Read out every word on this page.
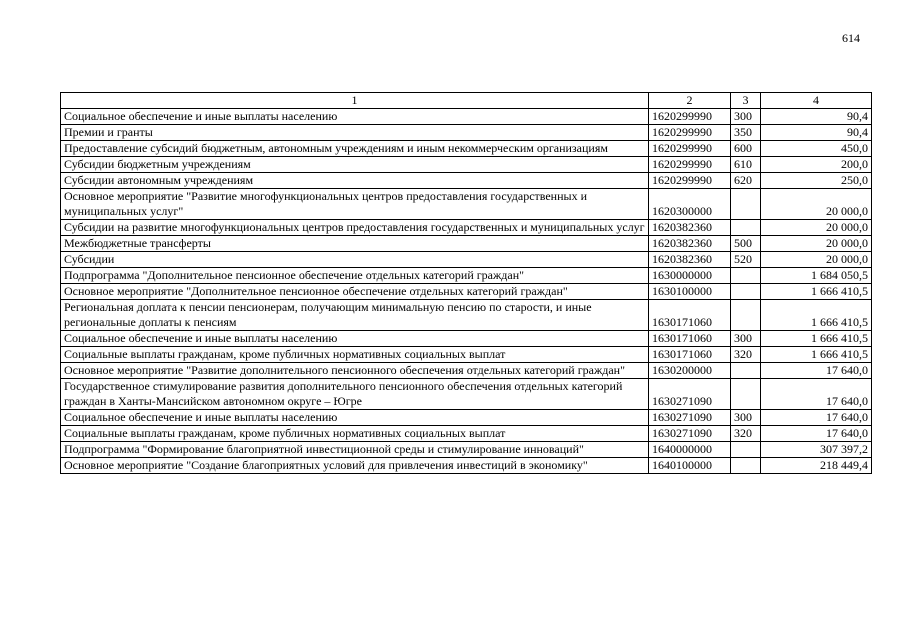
614
1	2	3	4
Социальное обеспечение и иные выплаты населению	1620299990	300	90,4
Премии и гранты	1620299990	350	90,4
Предоставление субсидий бюджетным, автономным учреждениям и иным некоммерческим организациям	1620299990	600	450,0
Субсидии бюджетным учреждениям	1620299990	610	200,0
Субсидии автономным учреждениям	1620299990	620	250,0
Основное мероприятие "Развитие многофункциональных центров предоставления государственных и муниципальных услуг"	1620300000		20 000,0
Субсидии на развитие многофункциональных центров предоставления государственных и муниципальных услуг	1620382360		20 000,0
Межбюджетные трансферты	1620382360	500	20 000,0
Субсидии	1620382360	520	20 000,0
Подпрограмма "Дополнительное пенсионное обеспечение отдельных категорий граждан"	1630000000		1 684 050,5
Основное мероприятие "Дополнительное пенсионное обеспечение отдельных категорий граждан"	1630100000		1 666 410,5
Региональная доплата к пенсии пенсионерам, получающим минимальную пенсию по старости, и иные региональные доплаты к пенсиям	1630171060		1 666 410,5
Социальное обеспечение и иные выплаты населению	1630171060	300	1 666 410,5
Социальные выплаты гражданам, кроме публичных нормативных социальных выплат	1630171060	320	1 666 410,5
Основное мероприятие "Развитие дополнительного пенсионного обеспечения отдельных категорий граждан"	1630200000		17 640,0
Государственное стимулирование развития дополнительного пенсионного обеспечения отдельных категорий граждан в Ханты-Мансийском автономном округе – Югре	1630271090		17 640,0
Социальное обеспечение и иные выплаты населению	1630271090	300	17 640,0
Социальные выплаты гражданам, кроме публичных нормативных социальных выплат	1630271090	320	17 640,0
Подпрограмма "Формирование благоприятной инвестиционной среды и стимулирование инноваций"	1640000000		307 397,2
Основное мероприятие "Создание благоприятных условий для привлечения инвестиций в экономику"	1640100000		218 449,4
